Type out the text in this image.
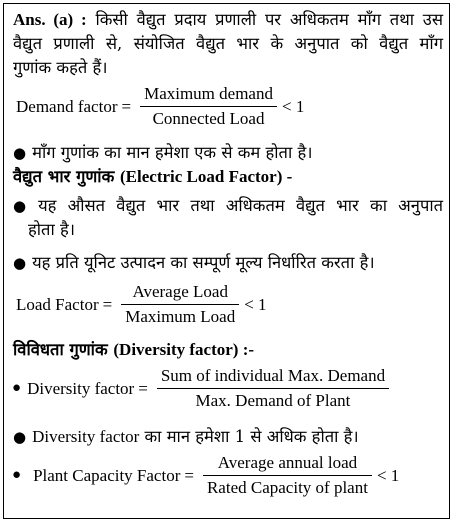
Ans. (a) : किसी वैद्युत प्रदाय प्रणाली पर अधिकतम माँग तथा उस
वैद्युत प्रणाली से, संयोजित वैद्युत भार के अनुपात को वैद्युत माँग
गुणांक कहते हैं।
Demand factor = $\frac{\text{Maximum demand}}{\text{Connected Load}} < 1$
● माँग गुणांक का मान हमेशा एक से कम होता है।
वैद्युत भार गुणांक (Electric Load Factor) -
● यह औसत वैद्युत भार तथा अधिकतम वैद्युत भार का अनुपात
होता है।
● यह प्रति यूनिट उत्पादन का सम्पूर्ण मूल्य निर्धारित करता है।
Load Factor = $\frac{\text{Average Load}}{\text{Maximum Load}} < 1$
विविधता गुणांक (Diversity factor) :-
● Diversity factor = $\frac{\text{Sum of individual Max. Demand}}{\text{Max. Demand of Plant}}$
● Diversity factor का मान हमेशा 1 से अधिक होता है।
● Plant Capacity Factor = $\frac{\text{Average annual load}}{\text{Rated Capacity of plant}} < 1$
